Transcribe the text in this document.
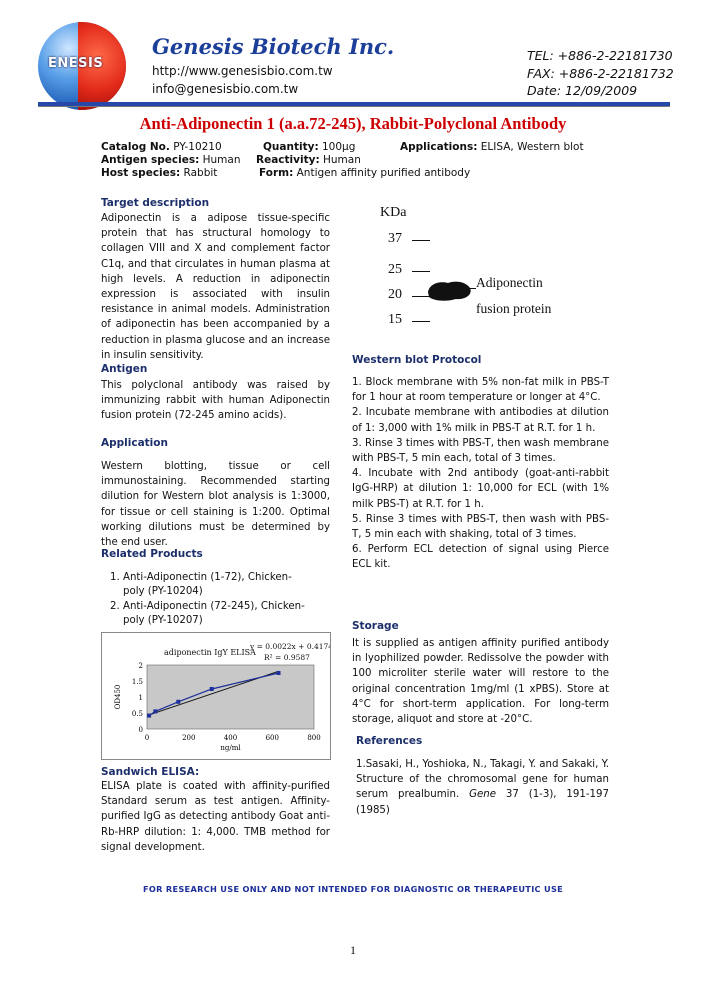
ENESIS
Genesis Biotech Inc.
http://www.genesisbio.com.tw
info@genesisbio.com.tw
TEL: +886-2-22181730
FAX: +886-2-22181732
Date: 12/09/2009
Anti-Adiponectin 1 (a.a.72-245), Rabbit-Polyclonal Antibody
Catalog No. PY-10210	Quantity: 100µg	Applications: ELISA, Western blot
Antigen species: Human Reactivity: Human
Host species: Rabbit	Form: Antigen affinity purified antibody
Target description
Adiponectin is a adipose tissue-specific protein that has structural homology to collagen VIII and X and complement factor C1q, and that circulates in human plasma at high levels. A reduction in adiponectin expression is associated with insulin resistance in animal models. Administration of adiponectin has been accompanied by a reduction in plasma glucose and an increase in insulin sensitivity.
Antigen
This polyclonal antibody was raised by immunizing rabbit with human Adiponectin fusion protein (72-245 amino acids).
Application
Western blotting, tissue or cell immunostaining. Recommended starting dilution for Western blot analysis is 1:3000, for tissue or cell staining is 1:200. Optimal working dilutions must be determined by the end user.
Related Products
1. Anti-Adiponectin (1-72), Chicken-poly (PY-10204)
2. Anti-Adiponectin (72-245), Chicken-poly (PY-10207)
adiponectin IgY ELISA
y = 0.0022x + 0.4174
R² = 0.9587
0
0.5
1
1.5
2
0	200	400	600	800
ng/ml
OD450
Sandwich ELISA:
ELISA plate is coated with affinity-purified Standard serum as test antigen. Affinity-purified IgG as detecting antibody Goat anti-Rb-HRP dilution: 1: 4,000. TMB method for signal development.
KDa
37
25
20
15
Adiponectin
fusion protein
Western blot Protocol

1. Block membrane with 5% non-fat milk in PBS-T for 1 hour at room temperature or longer at 4°C.

2. Incubate membrane with antibodies at dilution of 1: 3,000 with 1% milk in PBS-T at R.T. for 1 h.

3. Rinse 3 times with PBS-T, then wash membrane with PBS-T, 5 min each, total of 3 times.

4. Incubate with 2nd antibody (goat-anti-rabbit IgG-HRP) at dilution 1: 10,000 for ECL (with 1% milk PBS-T) at R.T. for 1 h.

5. Rinse 3 times with PBS-T, then wash with PBS-T, 5 min each with shaking, total of 3 times.

6. Perform ECL detection of signal using Pierce ECL kit.

Storage
It is supplied as antigen affinity purified antibody in lyophilized powder. Redissolve the powder with 100 microliter sterile water will restore to the original concentration 1mg/ml (1 xPBS). Store at 4°C for short-term application. For long-term storage, aliquot and store at -20°C.
References
1.Sasaki, H., Yoshioka, N., Takagi, Y. and Sakaki, Y. Structure of the chromosomal gene for human serum prealbumin. Gene 37 (1-3), 191-197 (1985)
FOR RESEARCH USE ONLY AND NOT INTENDED FOR DIAGNOSTIC OR THERAPEUTIC USE
1
